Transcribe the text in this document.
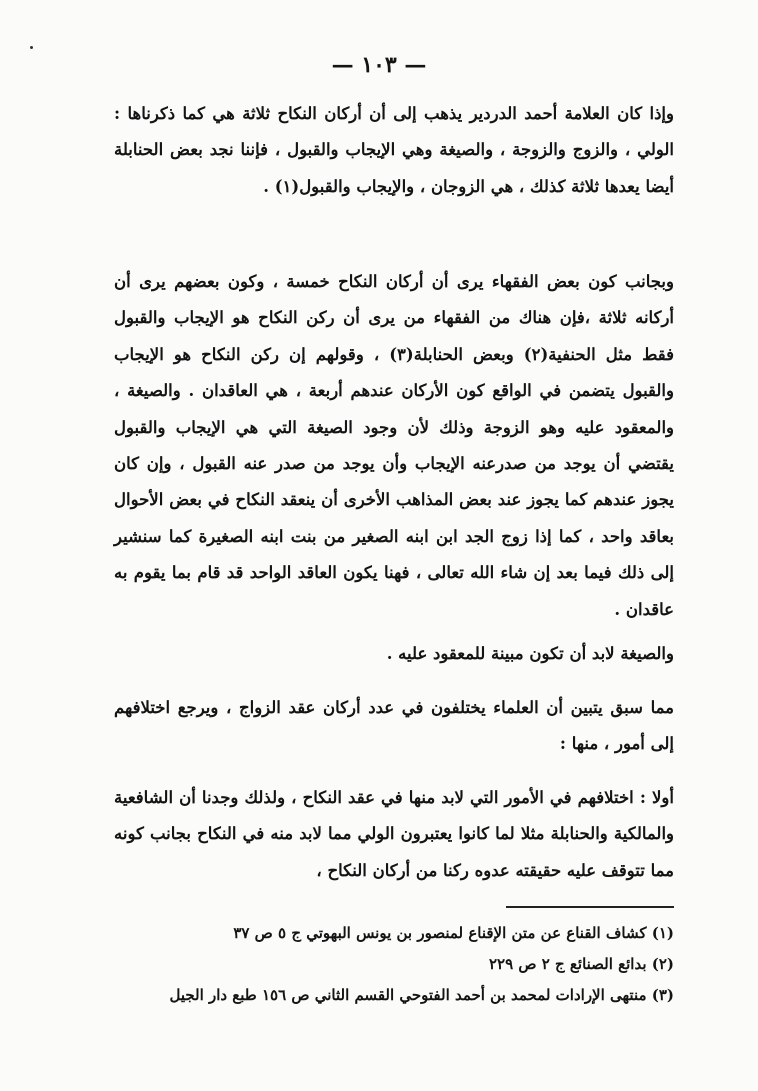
— ١٠٣ —

وإذا كان العلامة أحمد الدردير يذهب إلى أن أركان النكاح ثلاثة هي كما ذكرناها : الولي ، والزوج والزوجة ، والصيغة وهي الإيجاب والقبول ، فإننا نجد بعض الحنابلة أيضا يعدها ثلاثة كذلك ، هي الزوجان ، والإيجاب والقبول(١) .

وبجانب كون بعض الفقهاء يرى أن أركان النكاح خمسة ، وكون بعضهم يرى أن أركانه ثلاثة ،فإن هناك من الفقهاء من يرى أن ركن النكاح هو الإيجاب والقبول فقط مثل الحنفية(٢) وبعض الحنابلة(٣) ، وقولهم إن ركن النكاح هو الإيجاب والقبول يتضمن في الواقع كون الأركان عندهم أربعة ، هي العاقدان . والصيغة ، والمعقود عليه وهو الزوجة وذلك لأن وجود الصيغة التي هي الإيجاب والقبول يقتضي أن يوجد من صدرعنه الإيجاب وأن يوجد من صدر عنه القبول ، وإن كان يجوز عندهم كما يجوز عند بعض المذاهب الأخرى أن ينعقد النكاح في بعض الأحوال بعاقد واحد ، كما إذا زوج الجد ابن ابنه الصغير من بنت ابنه الصغيرة كما سنشير إلى ذلك فيما بعد إن شاء الله تعالى ، فهنا يكون العاقد الواحد قد قام بما يقوم به عاقدان .

والصيغة لابد أن تكون مبينة للمعقود عليه .

مما سبق يتبين أن العلماء يختلفون في عدد أركان عقد الزواج ، ويرجع اختلافهم إلى أمور ، منها :

أولا : اختلافهم في الأمور التي لابد منها في عقد النكاح ، ولذلك وجدنا أن الشافعية والمالكية والحنابلة مثلا لما كانوا يعتبرون الولي مما لابد منه في النكاح بجانب كونه مما تتوقف عليه حقيقته عدوه ركنا من أركان النكاح ،

(١) كشاف القناع عن متن الإقناع لمنصور بن يونس البهوتي ج ٥ ص ٣٧
(٢) بدائع الصنائع ج ٢ ص ٢٢٩
(٣) منتهى الإرادات لمحمد بن أحمد الفتوحي القسم الثاني ص ١٥٦ طبع دار الجيل
